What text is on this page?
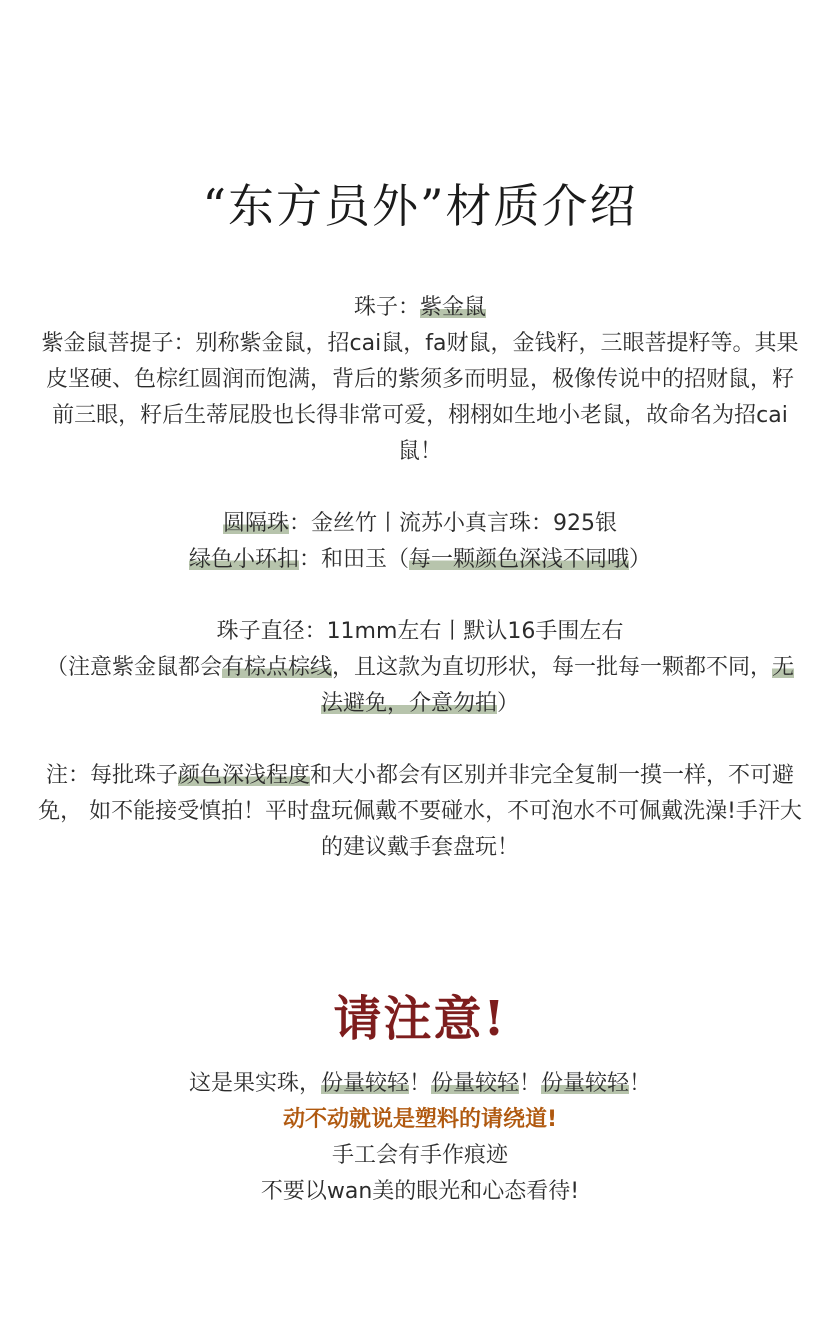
“东方员外”材质介绍

珠子：紫金鼠

紫金鼠菩提子：别称紫金鼠，招cai鼠，fa财鼠，金钱籽，三眼菩提籽等。其果皮坚硬、色棕红圆润而饱满，背后的紫须多而明显，极像传说中的招财鼠，籽前三眼，籽后生蒂屁股也长得非常可爱，栩栩如生地小老鼠，故命名为招cai鼠！

圆隔珠：金丝竹丨流苏小真言珠：925银

绿色小环扣：和田玉（每一颗颜色深浅不同哦）

珠子直径：11mm左右丨默认16手围左右

（注意紫金鼠都会有棕点棕线，且这款为直切形状，每一批每一颗都不同，无法避免，介意勿拍）

注：每批珠子颜色深浅程度和大小都会有区别并非完全复制一摸一样，不可避免， 如不能接受慎拍！平时盘玩佩戴不要碰水，不可泡水不可佩戴洗澡!手汗大的建议戴手套盘玩！

请注意!

这是果实珠，份量较轻！份量较轻！份量较轻！

动不动就说是塑料的请绕道!

手工会有手作痕迹

不要以wan美的眼光和心态看待!
